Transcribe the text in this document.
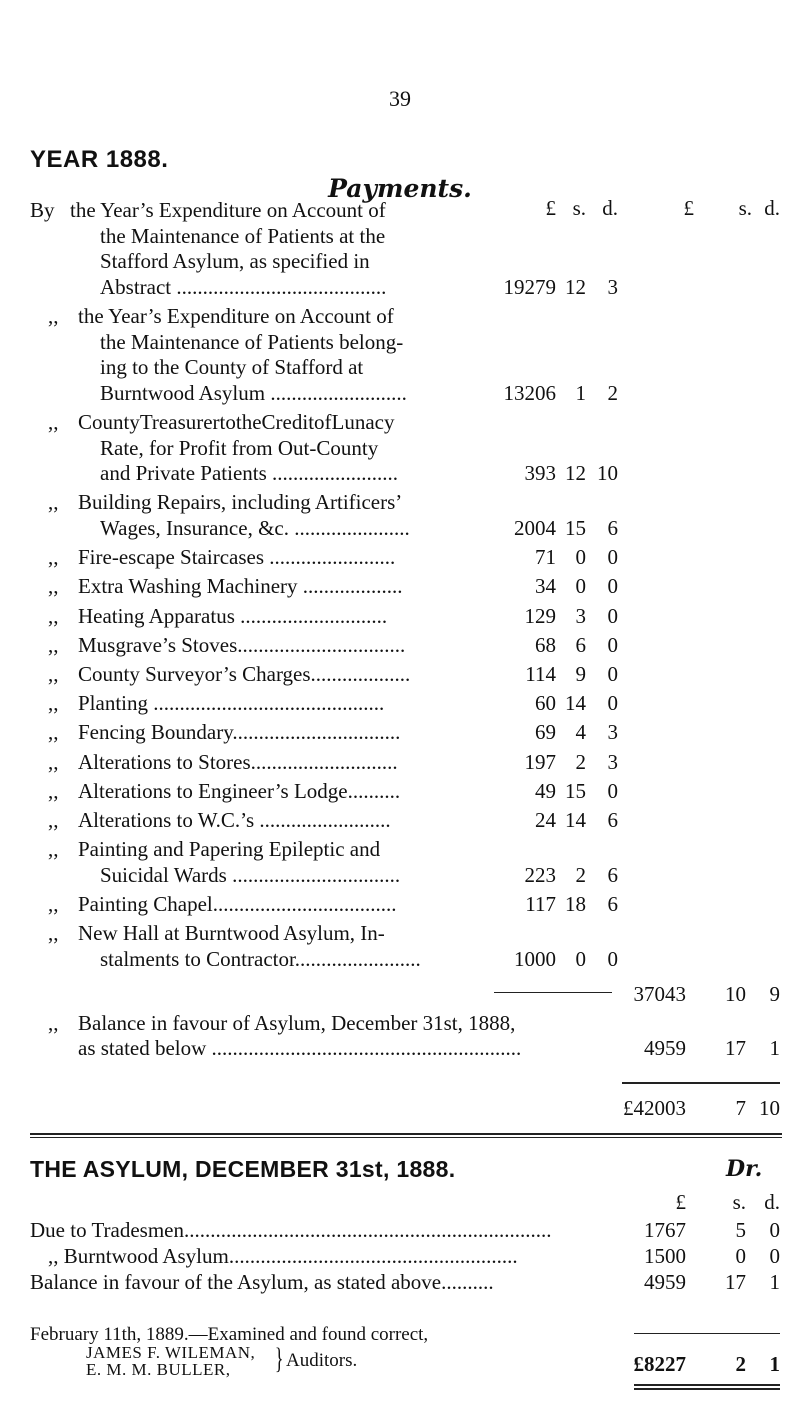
39
YEAR 1888.
Payments.
£ s. d.	£	s. d.
By the Year’s Expenditure on Account of
the Maintenance of Patients at the
Stafford Asylum, as specified in
Abstract ........................................	19279 12	3
,, the Year’s Expenditure on Account of
the Maintenance of Patients belong-
ing to the County of Stafford at
Burntwood Asylum ..........................	13206 1	2
,, CountyTreasurertotheCreditofLunacy
Rate, for Profit from Out-County
and Private Patients ........................	393 12 10
,, Building Repairs, including Artificers’
Wages, Insurance, &c. ......................	2004 15	6
,, Fire-escape Staircases ........................	71 0	0
,, Extra Washing Machinery ...................	34 0	0
,, Heating Apparatus ............................	129 3	0
,, Musgrave’s Stoves................................	68 6	0
,, County Surveyor’s Charges...................	114 9	0
,, Planting ............................................	60 14	0
,, Fencing Boundary................................	69 4	3
,, Alterations to Stores............................	197 2	3
,, Alterations to Engineer’s Lodge..........	49 15	0
,, Alterations to W.C.’s .........................	24 14	6
,, Painting and Papering Epileptic and
Suicidal Wards ................................	223 2	6
,, Painting Chapel...................................	117 18	6
,, New Hall at Burntwood Asylum, In-
stalments to Contractor........................	1000 0	0
37043	10	9
,, Balance in favour of Asylum, December 31st, 1888,
as stated below ...........................................................	4959	17	1
£42003	7 10
THE ASYLUM, DECEMBER 31st, 1888.	Dr.
£	s. d.
Due to Tradesmen......................................................................	1767	5	0
,, Burntwood Asylum.......................................................	1500	0	0
Balance in favour of the Asylum, as stated above..........	4959	17	1
February 11th, 1889.—Examined and found correct,
JAMES F. WILEMAN,
E. M. M. BULLER, } Auditors.	£8227	2	1
